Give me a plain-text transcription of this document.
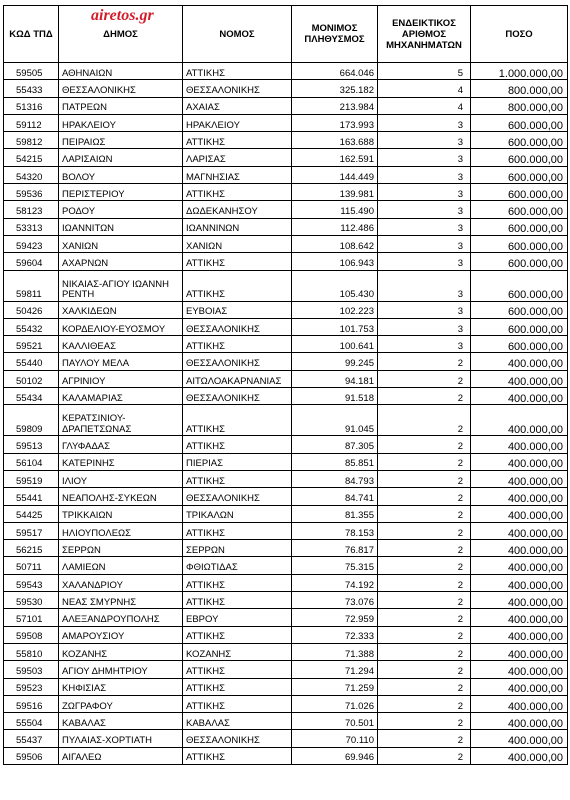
airetos.gr
ΚΩΔ ΤΠΔ	ΔΗΜΟΣ	ΝΟΜΟΣ	ΜΟΝΙΜΟΣ ΠΛΗΘΥΣΜΟΣ	ΕΝΔΕΙΚΤΙΚΟΣ ΑΡΙΘΜΟΣ ΜΗΧΑΝΗΜΑΤΩΝ	ΠΟΣΟ
59505	ΑΘΗΝΑΙΩΝ	ΑΤΤΙΚΗΣ	664.046	5	1.000.000,00
55433	ΘΕΣΣΑΛΟΝΙΚΗΣ	ΘΕΣΣΑΛΟΝΙΚΗΣ	325.182	4	800.000,00
51316	ΠΑΤΡΕΩΝ	ΑΧΑΙΑΣ	213.984	4	800.000,00
59112	ΗΡΑΚΛΕΙΟΥ	ΗΡΑΚΛΕΙΟΥ	173.993	3	600.000,00
59812	ΠΕΙΡΑΙΩΣ	ΑΤΤΙΚΗΣ	163.688	3	600.000,00
54215	ΛΑΡΙΣΑΙΩΝ	ΛΑΡΙΣΑΣ	162.591	3	600.000,00
54320	ΒΟΛΟΥ	ΜΑΓΝΗΣΙΑΣ	144.449	3	600.000,00
59536	ΠΕΡΙΣΤΕΡΙΟΥ	ΑΤΤΙΚΗΣ	139.981	3	600.000,00
58123	ΡΟΔΟΥ	ΔΩΔΕΚΑΝΗΣΟΥ	115.490	3	600.000,00
53313	ΙΩΑΝΝΙΤΩΝ	ΙΩΑΝΝΙΝΩΝ	112.486	3	600.000,00
59423	ΧΑΝΙΩΝ	ΧΑΝΙΩΝ	108.642	3	600.000,00
59604	ΑΧΑΡΝΩΝ	ΑΤΤΙΚΗΣ	106.943	3	600.000,00
59811	ΝΙΚΑΙΑΣ-ΑΓΙΟΥ ΙΩΑΝΝΗ ΡΕΝΤΗ	ΑΤΤΙΚΗΣ	105.430	3	600.000,00
50426	ΧΑΛΚΙΔΕΩΝ	ΕΥΒΟΙΑΣ	102.223	3	600.000,00
55432	ΚΟΡΔΕΛΙΟΥ-ΕΥΟΣΜΟΥ	ΘΕΣΣΑΛΟΝΙΚΗΣ	101.753	3	600.000,00
59521	ΚΑΛΛΙΘΕΑΣ	ΑΤΤΙΚΗΣ	100.641	3	600.000,00
55440	ΠΑΥΛΟΥ ΜΕΛΑ	ΘΕΣΣΑΛΟΝΙΚΗΣ	99.245	2	400.000,00
50102	ΑΓΡΙΝΙΟΥ	ΑΙΤΩΛΟΑΚΑΡΝΑΝΙΑΣ	94.181	2	400.000,00
55434	ΚΑΛΑΜΑΡΙΑΣ	ΘΕΣΣΑΛΟΝΙΚΗΣ	91.518	2	400.000,00
59809	ΚΕΡΑΤΣΙΝΙΟΥ-ΔΡΑΠΕΤΣΩΝΑΣ	ΑΤΤΙΚΗΣ	91.045	2	400.000,00
59513	ΓΛΥΦΑΔΑΣ	ΑΤΤΙΚΗΣ	87.305	2	400.000,00
56104	ΚΑΤΕΡΙΝΗΣ	ΠΙΕΡΙΑΣ	85.851	2	400.000,00
59519	ΙΛΙΟΥ	ΑΤΤΙΚΗΣ	84.793	2	400.000,00
55441	ΝΕΑΠΟΛΗΣ-ΣΥΚΕΩΝ	ΘΕΣΣΑΛΟΝΙΚΗΣ	84.741	2	400.000,00
54425	ΤΡΙΚΚΑΙΩΝ	ΤΡΙΚΑΛΩΝ	81.355	2	400.000,00
59517	ΗΛΙΟΥΠΟΛΕΩΣ	ΑΤΤΙΚΗΣ	78.153	2	400.000,00
56215	ΣΕΡΡΩΝ	ΣΕΡΡΩΝ	76.817	2	400.000,00
50711	ΛΑΜΙΕΩΝ	ΦΘΙΩΤΙΔΑΣ	75.315	2	400.000,00
59543	ΧΑΛΑΝΔΡΙΟΥ	ΑΤΤΙΚΗΣ	74.192	2	400.000,00
59530	ΝΕΑΣ ΣΜΥΡΝΗΣ	ΑΤΤΙΚΗΣ	73.076	2	400.000,00
57101	ΑΛΕΞΑΝΔΡΟΥΠΟΛΗΣ	ΕΒΡΟΥ	72.959	2	400.000,00
59508	ΑΜΑΡΟΥΣΙΟΥ	ΑΤΤΙΚΗΣ	72.333	2	400.000,00
55810	ΚΟΖΑΝΗΣ	ΚΟΖΑΝΗΣ	71.388	2	400.000,00
59503	ΑΓΙΟΥ ΔΗΜΗΤΡΙΟΥ	ΑΤΤΙΚΗΣ	71.294	2	400.000,00
59523	ΚΗΦΙΣΙΑΣ	ΑΤΤΙΚΗΣ	71.259	2	400.000,00
59516	ΖΩΓΡΑΦΟΥ	ΑΤΤΙΚΗΣ	71.026	2	400.000,00
55504	ΚΑΒΑΛΑΣ	ΚΑΒΑΛΑΣ	70.501	2	400.000,00
55437	ΠΥΛΑΙΑΣ-ΧΟΡΤΙΑΤΗ	ΘΕΣΣΑΛΟΝΙΚΗΣ	70.110	2	400.000,00
59506	ΑΙΓΑΛΕΩ	ΑΤΤΙΚΗΣ	69.946	2	400.000,00
